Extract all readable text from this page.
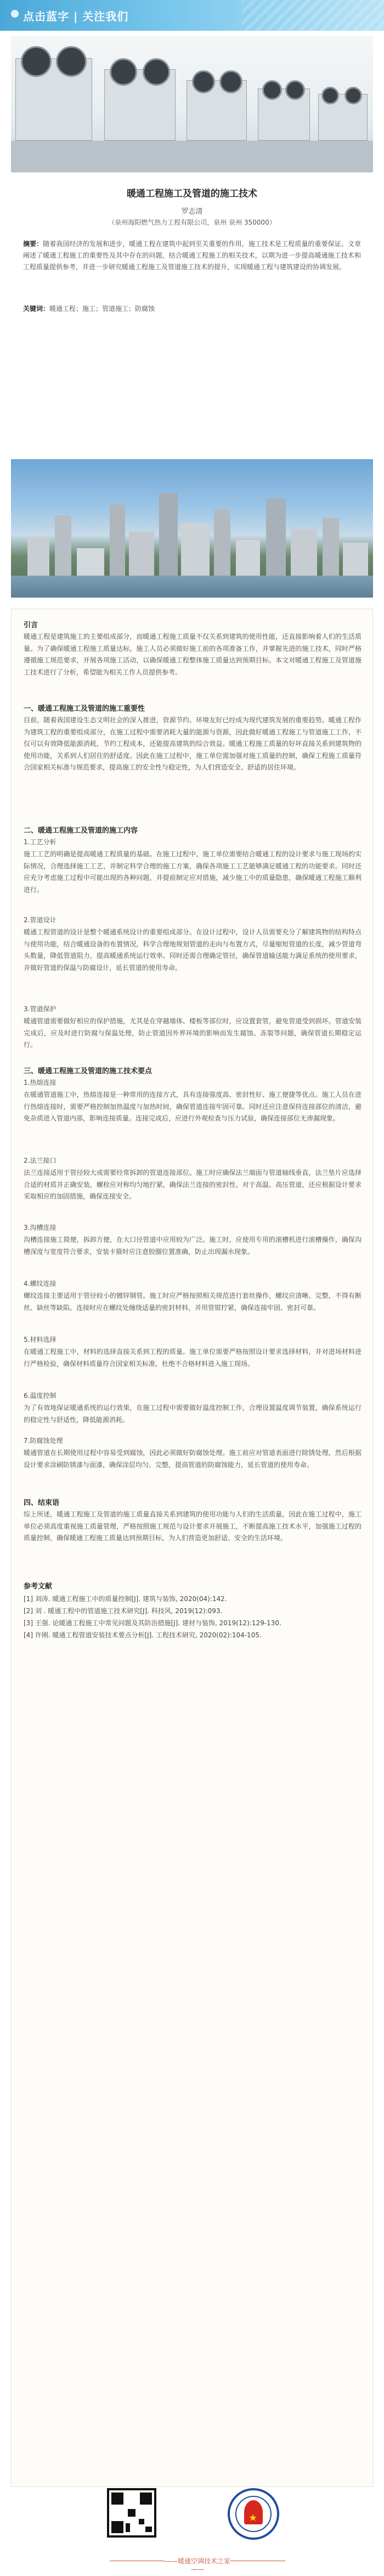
点击蓝字 | 关注我们
暖通工程施工及管道的施工技术
罗志清
（泉州海阳燃气热力工程有限公司，泉州 泉州 350000）
摘要：随着我国经济的发展和进步，暖通工程在建筑中起到至关重要的作用，施工技术是工程质量的重要保证。文章阐述了暖通工程施工的重要性及其中存在的问题，结合暖通工程施工的相关技术，以期为进一步提高暖通施工技术和工程质量提供参考，并进一步研究暖通工程施工及管道施工技术的提升，实现暖通工程与建筑建设的协调发展。
关键词：暖通工程；施工；管道施工；防腐蚀
引言
暖通工程是建筑施工的主要组成部分，而暖通工程施工质量不仅关系到建筑的使用性能，还直接影响着人们的生活质量。为了确保暖通工程施工质量达标，施工人员必须做好施工前的各项准备工作，并掌握先进的施工技术，同时严格遵循施工规范要求，开展各项施工活动，以确保暖通工程整体施工质量达到预期目标。本文对暖通工程施工及管道施工技术进行了分析，希望能为相关工作人员提供参考。
一、暖通工程施工及管道的施工重要性
目前，随着我国建设生态文明社会的深入推进，资源节约、环境友好已经成为现代建筑发展的重要趋势。暖通工程作为建筑工程的重要组成部分，在施工过程中需要消耗大量的能源与资源，因此做好暖通工程施工与管道施工工作，不仅可以有效降低能源消耗，节约工程成本，还能提高建筑的综合效益。暖通工程施工质量的好坏直接关系到建筑物的使用功能，关系到人们居住的舒适度。因此在施工过程中，施工单位需加强对施工质量的控制，确保工程施工质量符合国家相关标准与规范要求，提高施工的安全性与稳定性，为人们营造安全、舒适的居住环境。
二、暖通工程施工及管道的施工内容
1.工艺分析
施工工艺的明确是提高暖通工程质量的基础。在施工过程中，施工单位需要结合暖通工程的设计要求与施工现场的实际情况，合理选择施工工艺，并制定科学合理的施工方案，确保各项施工工艺能够满足暖通工程的功能要求。同时还应充分考虑施工过程中可能出现的各种问题，并提前制定应对措施，减少施工中的质量隐患，确保暖通工程施工顺利进行。
2.管道设计
暖通工程管道的设计是整个暖通系统设计的重要组成部分。在设计过程中，设计人员需要充分了解建筑物的结构特点与使用功能，结合暖通设备的布置情况，科学合理地规划管道的走向与布置方式，尽量缩短管道的长度，减少管道弯头数量，降低管道阻力，提高暖通系统运行效率。同时还需合理确定管径，确保管道输送能力满足系统的使用要求，并做好管道的保温与防腐设计，延长管道的使用寿命。
3.管道保护
暖通管道需要做好相应的保护措施，尤其是在穿越墙体、楼板等部位时，应设置套管，避免管道受到损坏。管道安装完成后，应及时进行防腐与保温处理，防止管道因外界环境的影响而发生腐蚀、冻裂等问题，确保管道长期稳定运行。
三、暖通工程施工及管道的施工技术要点
1.热熔连接
在暖通管道施工中，热熔连接是一种常用的连接方式，具有连接强度高、密封性好、施工便捷等优点。施工人员在进行热熔连接时，需要严格控制加热温度与加热时间，确保管道连接牢固可靠。同时还应注意保持连接部位的清洁，避免杂质进入管道内部，影响连接质量。连接完成后，应进行外观检查与压力试验，确保连接部位无渗漏现象。
2.法兰接口
法兰连接适用于管径较大或需要经常拆卸的管道连接部位。施工时应确保法兰端面与管道轴线垂直，法兰垫片应选择合适的材质并正确安装，螺栓应对称均匀地拧紧，确保法兰连接的密封性。对于高温、高压管道，还应根据设计要求采取相应的加固措施，确保连接安全。
3.沟槽连接
沟槽连接施工简便，拆卸方便，在大口径管道中应用较为广泛。施工时，应使用专用的滚槽机进行滚槽操作，确保沟槽深度与宽度符合要求，安装卡箍时应注意胶圈位置准确，防止出现漏水现象。
4.螺纹连接
螺纹连接主要适用于管径较小的镀锌钢管。施工时应严格按照相关规范进行套丝操作，螺纹应清晰、完整，不得有断丝、缺丝等缺陷。连接时应在螺纹处缠绕适量的密封材料，并用管钳拧紧，确保连接牢固、密封可靠。
5.材料选择
在暖通工程施工中，材料的选择直接关系到工程的质量。施工单位需要严格按照设计要求选择材料，并对进场材料进行严格检验，确保材料质量符合国家相关标准，杜绝不合格材料进入施工现场。
6.温度控制
为了有效地保证暖通系统的运行效果，在施工过程中需要做好温度控制工作，合理设置温度调节装置，确保系统运行的稳定性与舒适性，降低能源消耗。
7.防腐蚀处理
暖通管道在长期使用过程中容易受到腐蚀，因此必须做好防腐蚀处理。施工前应对管道表面进行除锈处理，然后根据设计要求涂刷防锈漆与面漆，确保涂层均匀、完整，提高管道的防腐蚀能力，延长管道的使用寿命。
四、结束语
综上所述，暖通工程施工及管道的施工质量直接关系到建筑的使用功能与人们的生活质量。因此在施工过程中，施工单位必须高度重视施工质量管理，严格按照施工规范与设计要求开展施工，不断提高施工技术水平，加强施工过程的质量控制，确保暖通工程施工质量达到预期目标，为人们营造更加舒适、安全的生活环境。
参考文献
[1] 刘涛. 暖通工程施工中的质量控制[J]. 建筑与装饰, 2020(04):142.
[2] 刘 . 暖通工程中的管道施工技术研究[J]. 科技风, 2019(12):093.
[3] 王强. 论暖通工程施工中常见问题及其防治措施[J]. 建材与装饰, 2019(12):129-130.
[4] 许刚. 暖通工程管道安装技术要点分析[J]. 工程技术研究, 2020(02):104-105.
★
——暖通空调技术之家——
